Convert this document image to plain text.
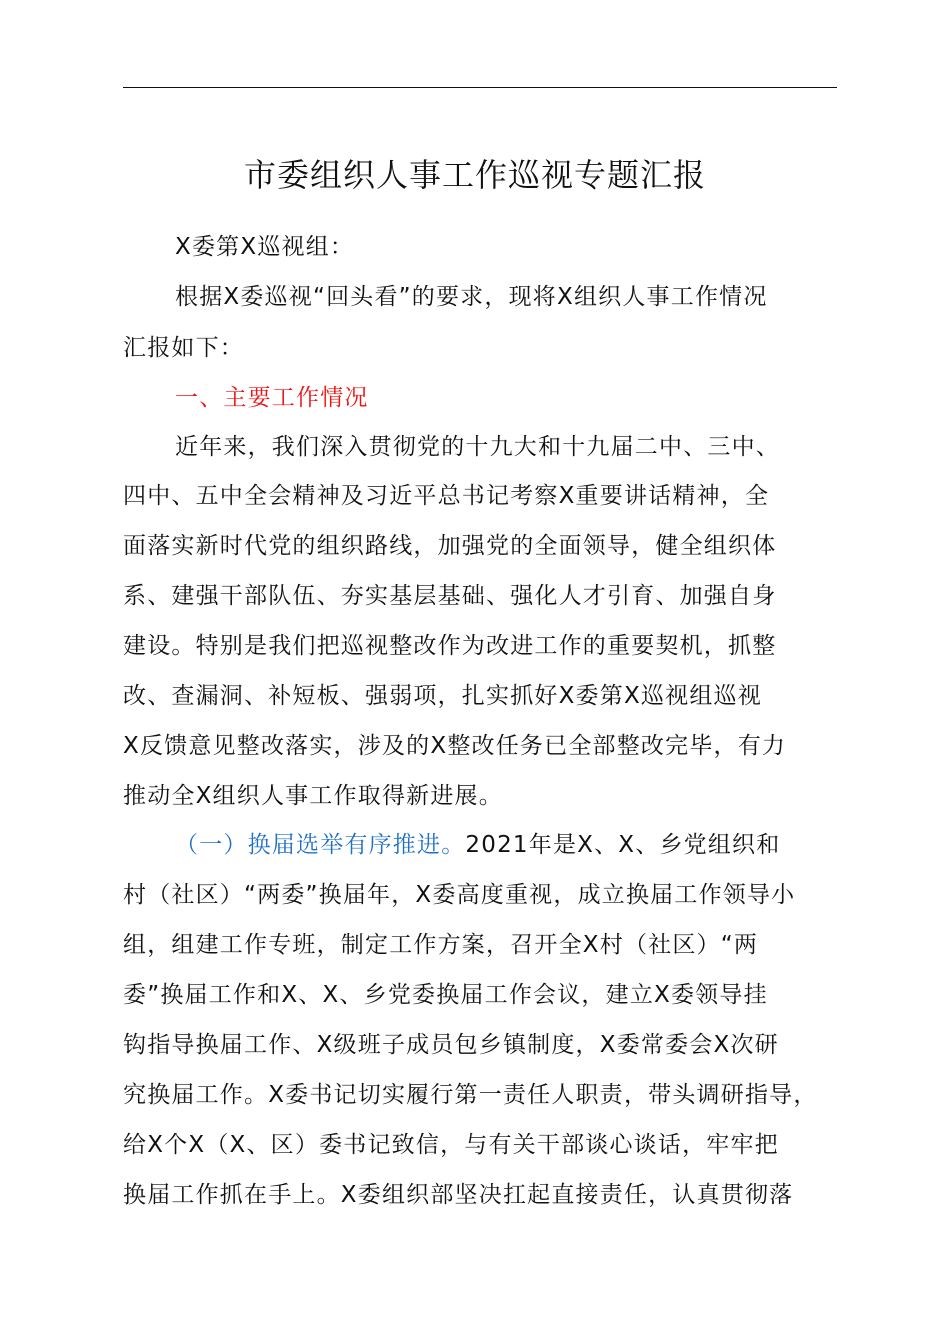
市委组织人事工作巡视专题汇报
X委第X巡视组：
根据X委巡视“回头看”的要求，现将X组织人事工作情况
汇报如下：
一、主要工作情况
近年来，我们深入贯彻党的十九大和十九届二中、三中、
四中、五中全会精神及习近平总书记考察X重要讲话精神，全
面落实新时代党的组织路线，加强党的全面领导，健全组织体
系、建强干部队伍、夯实基层基础、强化人才引育、加强自身
建设。特别是我们把巡视整改作为改进工作的重要契机，抓整
改、查漏洞、补短板、强弱项，扎实抓好X委第X巡视组巡视
X反馈意见整改落实，涉及的X整改任务已全部整改完毕，有力
推动全X组织人事工作取得新进展。
（一）换届选举有序推进。2021年是X、X、乡党组织和
村（社区）“两委”换届年，X委高度重视，成立换届工作领导小
组，组建工作专班，制定工作方案，召开全X村（社区）“两
委”换届工作和X、X、乡党委换届工作会议，建立X委领导挂
钩指导换届工作、X级班子成员包乡镇制度，X委常委会X次研
究换届工作。X委书记切实履行第一责任人职责，带头调研指导，
给X个X（X、区）委书记致信，与有关干部谈心谈话，牢牢把
换届工作抓在手上。X委组织部坚决扛起直接责任，认真贯彻落
